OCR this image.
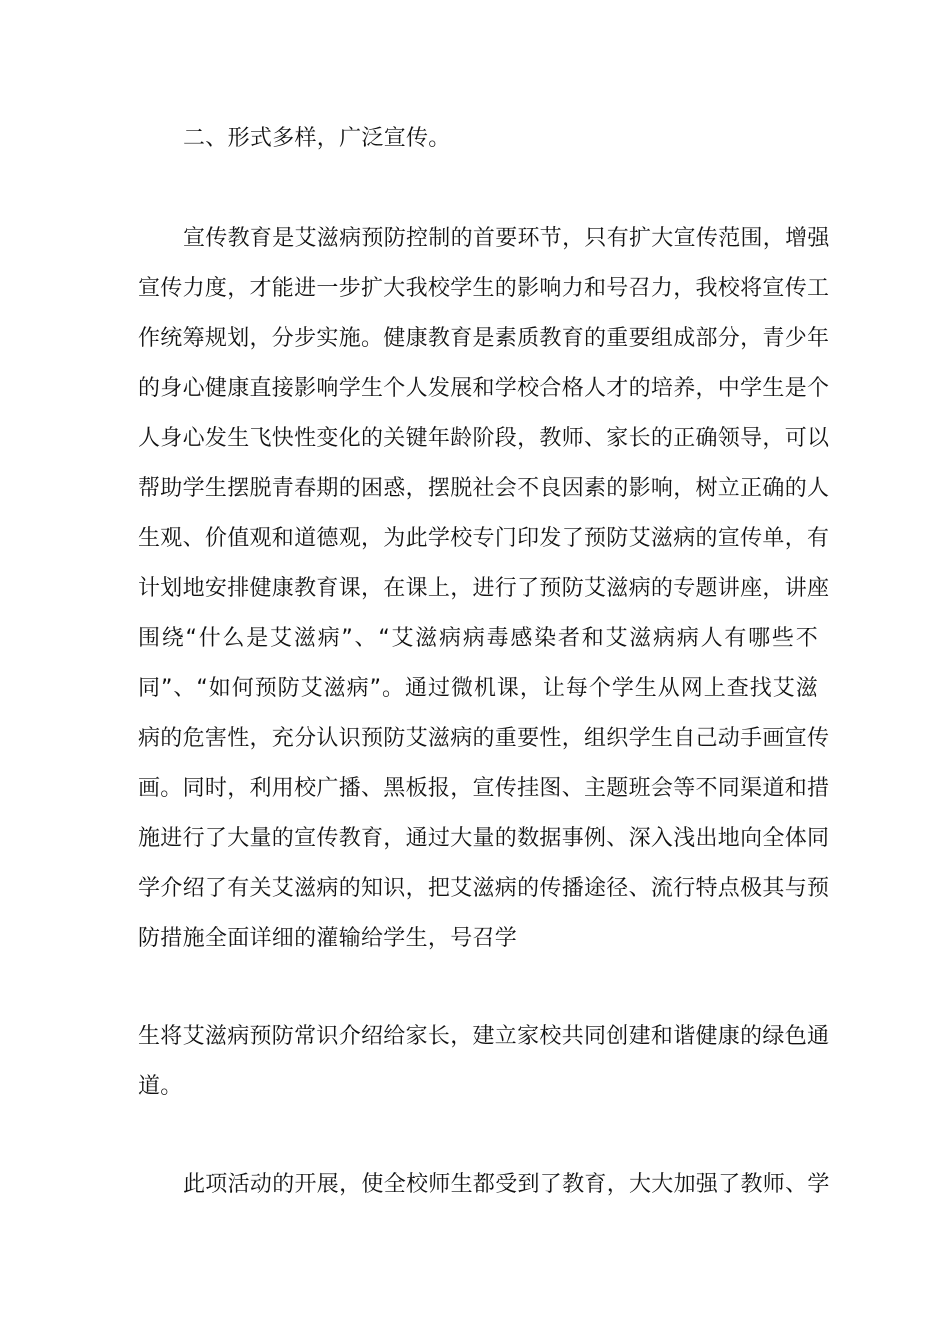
二、形式多样，广泛宣传。
宣传教育是艾滋病预防控制的首要环节，只有扩大宣传范围，增强
宣传力度，才能进一步扩大我校学生的影响力和号召力，我校将宣传工
作统筹规划，分步实施。健康教育是素质教育的重要组成部分，青少年
的身心健康直接影响学生个人发展和学校合格人才的培养，中学生是个
人身心发生飞快性变化的关键年龄阶段，教师、家长的正确领导，可以
帮助学生摆脱青春期的困惑，摆脱社会不良因素的影响，树立正确的人
生观、价值观和道德观，为此学校专门印发了预防艾滋病的宣传单，有
计划地安排健康教育课，在课上，进行了预防艾滋病的专题讲座，讲座
围绕“什么是艾滋病”、“艾滋病病毒感染者和艾滋病病人有哪些不
同”、“如何预防艾滋病”。通过微机课，让每个学生从网上查找艾滋
病的危害性，充分认识预防艾滋病的重要性，组织学生自己动手画宣传
画。同时，利用校广播、黑板报，宣传挂图、主题班会等不同渠道和措
施进行了大量的宣传教育，通过大量的数据事例、深入浅出地向全体同
学介绍了有关艾滋病的知识，把艾滋病的传播途径、流行特点极其与预
防措施全面详细的灌输给学生，号召学
生将艾滋病预防常识介绍给家长，建立家校共同创建和谐健康的绿色通
道。
此项活动的开展，使全校师生都受到了教育，大大加强了教师、学
